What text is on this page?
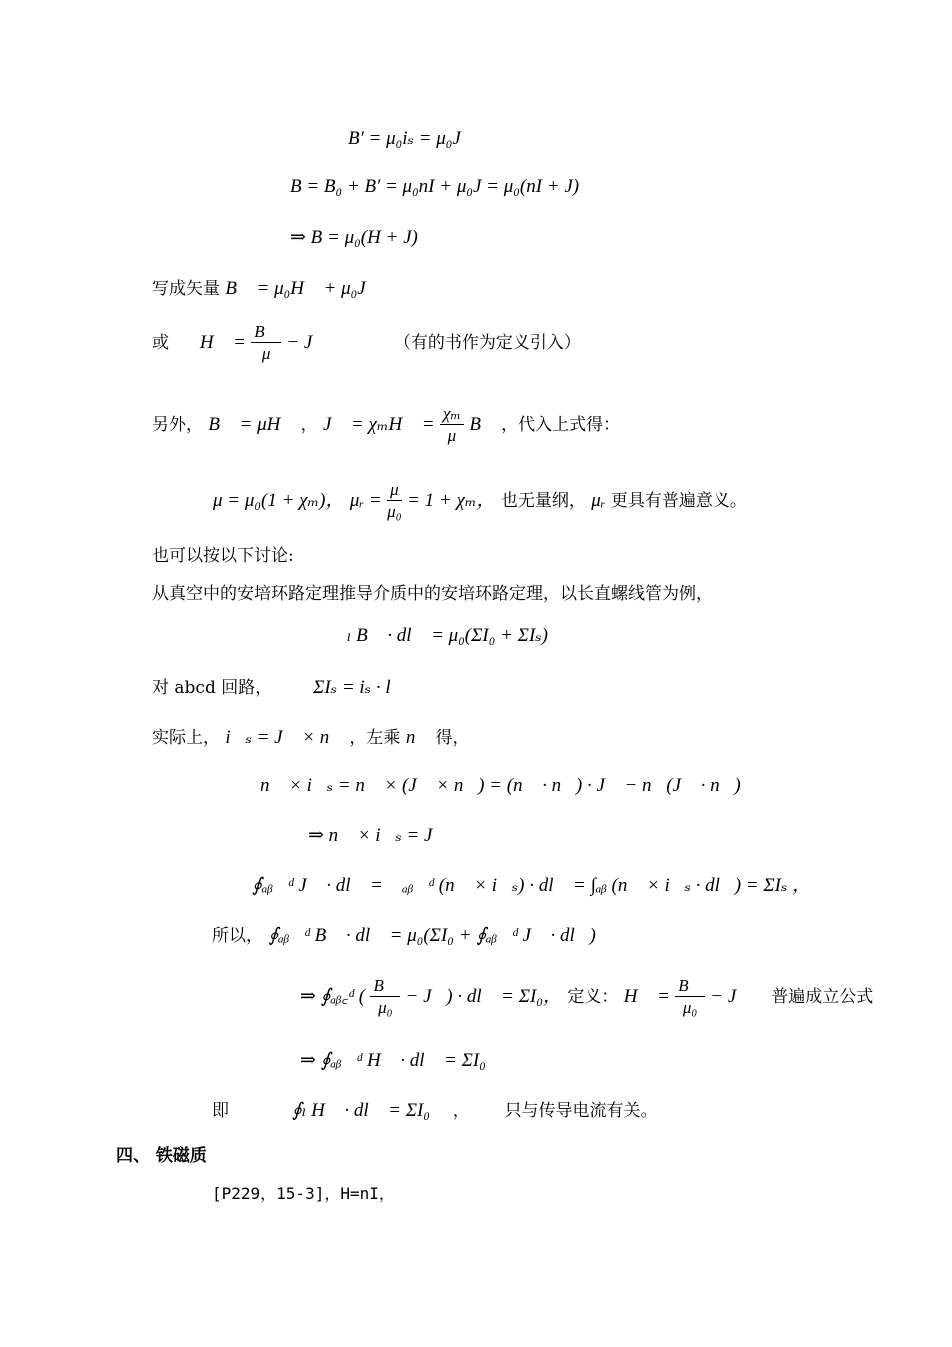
B′ = μ₀iₛ = μ₀J
B = B₀ + B′ = μ₀nI + μ₀J = μ₀(nI + J)
⇒ B = μ₀(H + J)
写成矢量 B⃗ = μ₀H⃗ + μ₀J⃗
或 H⃗ = $\frac{B⃗}{\mu}$ − J⃗	（有的书作为定义引入）
另外， B⃗ = μH⃗ ， J⃗ = χₘH⃗ = $\frac{\text{χₘ}}{\mu}$ B⃗ ，代入上式得：
μ = μ₀(1 + χₘ)， μᵣ = $\frac{\mu}{\text{μ₀}} = 1 + \chi_m$， 也无量纲， μᵣ 更具有普遍意义。
也可以按以下讨论:
从真空中的安培环路定理推导介质中的安培环路定理，以长直螺线管为例，
∮ₗ B⃗ · dl⃗ = μ₀(ΣI₀ + ΣIₛ)
对 abcd 回路， ΣIₛ = iₛ · l
实际上， i⃗ₛ = J⃗ × n⃗ ，左乘 n⃗ 得，
n⃗ × i⃗ₛ = n⃗ × (J⃗ × n⃗) = (n⃗ · n⃗) · J⃗ − n⃗(J⃗ · n⃗)
⇒ n⃗ × i⃗ₛ = J⃗
∮ₐᵦ꜀ᵈ J⃗ · dl⃗ = ∮ₐᵦ꜀ᵈ (n⃗ × i⃗ₛ) · dl⃗ = ∫ₐᵦ (n⃗ × i⃗ₛ · dl⃗) = ΣIₛ ，
所以， ∮ₐᵦ꜀ᵈ B⃗ · dl⃗ = μ₀(ΣI₀ + ∮ₐᵦ꜀ᵈ J⃗ · dl⃗)
⇒ ∮ₐᵦ꜀ᵈ ( $\frac{B⃗}{\text{μ₀}}$ − J⃗) · dl⃗ = ΣI₀， 定义： H⃗ = $\frac{B⃗}{\text{μ₀}}$ − J⃗， 普遍成立公式
⇒ ∮ₐᵦ꜀ᵈ H⃗ · dl⃗ = ΣI₀
即	∮ₗ H⃗ · dl⃗ = ΣI₀ ， 只与传导电流有关。
四、 铁磁质
[P229，15-3]，H=nI，
